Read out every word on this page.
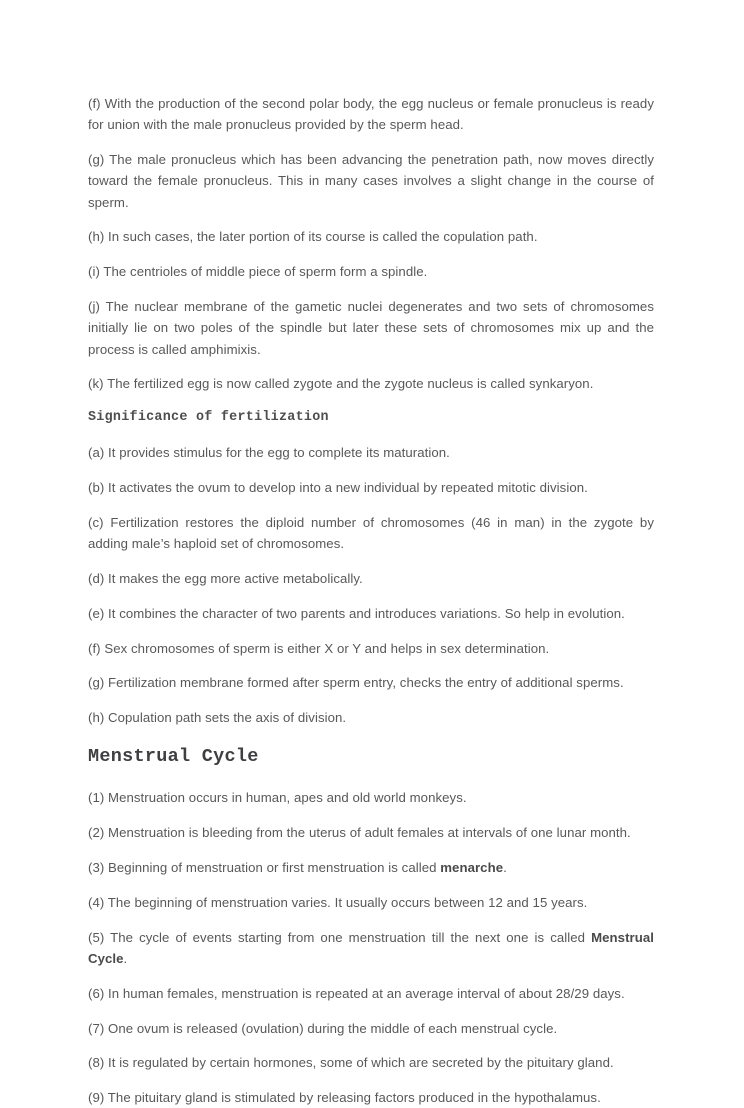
(f) With the production of the second polar body, the egg nucleus or female pronucleus is ready for union with the male pronucleus provided by the sperm head.

(g) The male pronucleus which has been advancing the penetration path, now moves directly toward the female pronucleus. This in many cases involves a slight change in the course of sperm.

(h) In such cases, the later portion of its course is called the copulation path.

(i) The centrioles of middle piece of sperm form a spindle.

(j) The nuclear membrane of the gametic nuclei degenerates and two sets of chromosomes initially lie on two poles of the spindle but later these sets of chromosomes mix up and the process is called amphimixis.

(k) The fertilized egg is now called zygote and the zygote nucleus is called synkaryon.

Significance of fertilization

(a) It provides stimulus for the egg to complete its maturation.

(b) It activates the ovum to develop into a new individual by repeated mitotic division.

(c) Fertilization restores the diploid number of chromosomes (46 in man) in the zygote by adding male’s haploid set of chromosomes.

(d) It makes the egg more active metabolically.

(e) It combines the character of two parents and introduces variations. So help in evolution.

(f) Sex chromosomes of sperm is either X or Y and helps in sex determination.

(g) Fertilization membrane formed after sperm entry, checks the entry of additional sperms.

(h) Copulation path sets the axis of division.

Menstrual Cycle

(1) Menstruation occurs in human, apes and old world monkeys.

(2) Menstruation is bleeding from the uterus of adult females at intervals of one lunar month.

(3) Beginning of menstruation or first menstruation is called menarche.

(4) The beginning of menstruation varies. It usually occurs between 12 and 15 years.

(5) The cycle of events starting from one menstruation till the next one is called Menstrual Cycle.

(6) In human females, menstruation is repeated at an average interval of about 28/29 days.

(7) One ovum is released (ovulation) during the middle of each menstrual cycle.

(8) It is regulated by certain hormones, some of which are secreted by the pituitary gland.

(9) The pituitary gland is stimulated by releasing factors produced in the hypothalamus.
